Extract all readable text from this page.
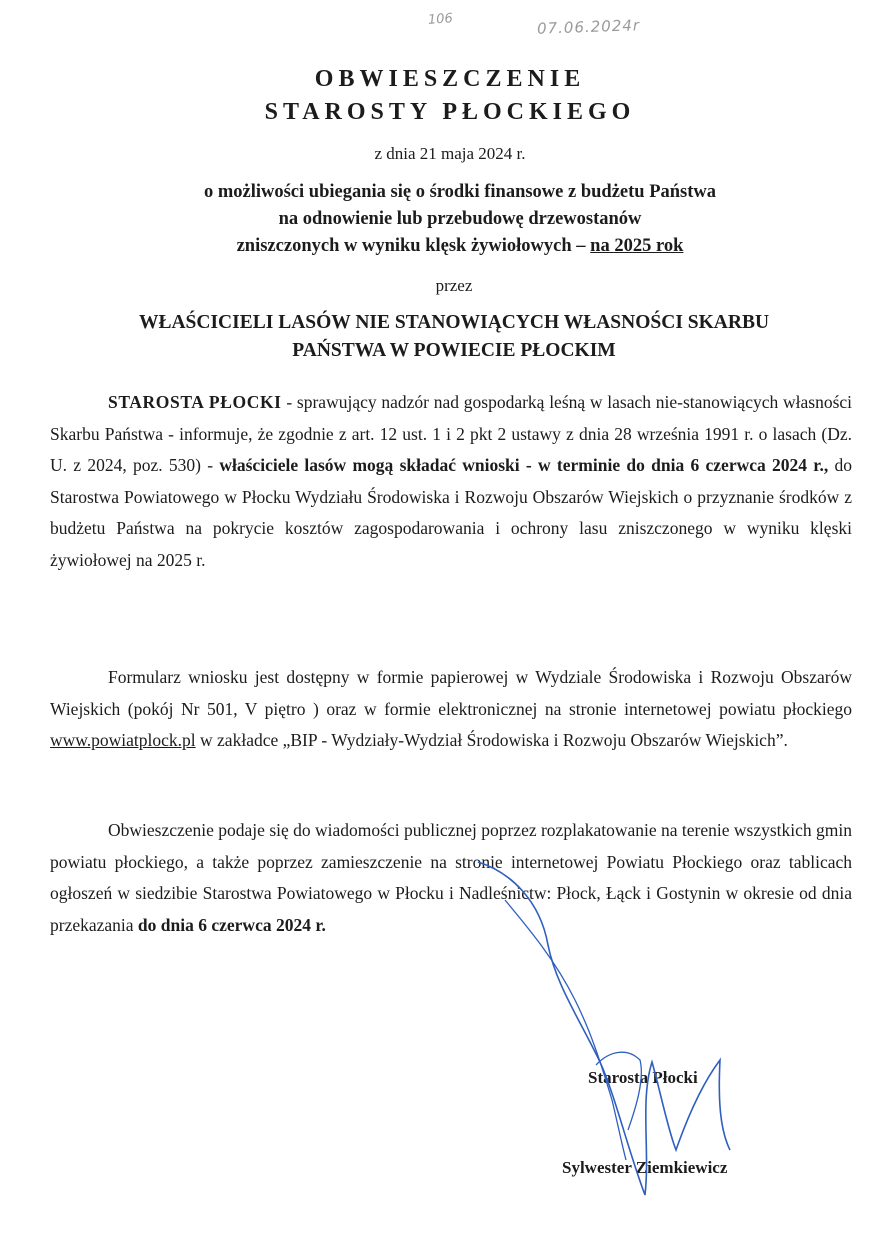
106	07.06.2024r
OBWIESZCZENIE
STAROSTY PŁOCKIEGO
z dnia 21 maja 2024 r.
o możliwości ubiegania się o środki finansowe z budżetu Państwa
na odnowienie lub przebudowę drzewostanów
zniszczonych w wyniku klęsk żywiołowych – na 2025 rok
przez
WŁAŚCICIELI LASÓW NIE STANOWIĄCYCH WŁASNOŚCI SKARBU
PAŃSTWA W POWIECIE PŁOCKIM

STAROSTA PŁOCKI - sprawujący nadzór nad gospodarką leśną w lasach nie-stanowiących własności Skarbu Państwa - informuje, że zgodnie z art. 12 ust. 1 i 2 pkt 2 ustawy z dnia 28 września 1991 r. o lasach (Dz. U. z 2024, poz. 530) - właściciele lasów mogą składać wnioski - w terminie do dnia 6 czerwca 2024 r., do Starostwa Powiatowego w Płocku Wydziału Środowiska i Rozwoju Obszarów Wiejskich o przyznanie środków z budżetu Państwa na pokrycie kosztów zagospodarowania i ochrony lasu zniszczonego w wyniku klęski żywiołowej na 2025 r.

Formularz wniosku jest dostępny w formie papierowej w Wydziale Środowiska i Rozwoju Obszarów Wiejskich (pokój Nr 501, V piętro ) oraz w formie elektronicznej na stronie internetowej powiatu płockiego www.powiatplock.pl w zakładce „BIP - Wydziały-Wydział Środowiska i Rozwoju Obszarów Wiejskich”.

Obwieszczenie podaje się do wiadomości publicznej poprzez rozplakatowanie na terenie wszystkich gmin powiatu płockiego, a także poprzez zamieszczenie na stronie internetowej Powiatu Płockiego oraz tablicach ogłoszeń w siedzibie Starostwa Powiatowego w Płocku i Nadleśnictw: Płock, Łąck i Gostynin w okresie od dnia przekazania do dnia 6 czerwca 2024 r.

Starosta Płocki
Sylwester Ziemkiewicz
